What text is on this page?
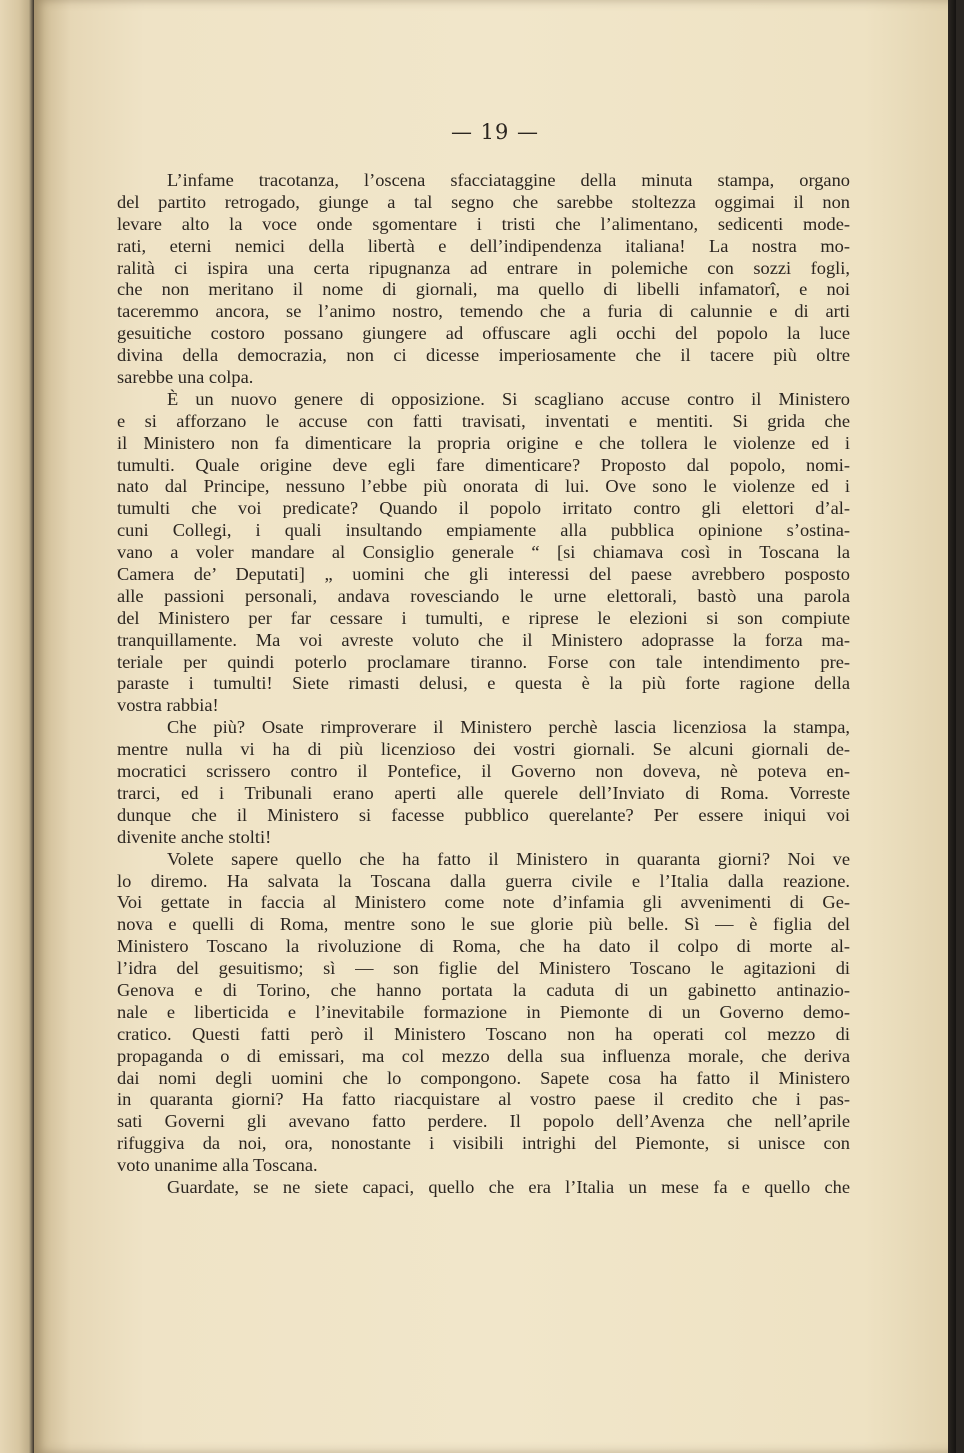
— 19 —
L’infame tracotanza, l’oscena sfacciataggine della minuta stampa, organo
del partito retrogado, giunge a tal segno che sarebbe stoltezza oggimai il non
levare alto la voce onde sgomentare i tristi che l’alimentano, sedicenti mode-
rati, eterni nemici della libertà e dell’indipendenza italiana! La nostra mo-
ralità ci ispira una certa ripugnanza ad entrare in polemiche con sozzi fogli,
che non meritano il nome di giornali, ma quello di libelli infamatorî, e noi
taceremmo ancora, se l’animo nostro, temendo che a furia di calunnie e di arti
gesuitiche costoro possano giungere ad offuscare agli occhi del popolo la luce
divina della democrazia, non ci dicesse imperiosamente che il tacere più oltre
sarebbe una colpa.
È un nuovo genere di opposizione. Si scagliano accuse contro il Ministero
e si afforzano le accuse con fatti travisati, inventati e mentiti. Si grida che
il Ministero non fa dimenticare la propria origine e che tollera le violenze ed i
tumulti. Quale origine deve egli fare dimenticare? Proposto dal popolo, nomi-
nato dal Principe, nessuno l’ebbe più onorata di lui. Ove sono le violenze ed i
tumulti che voi predicate? Quando il popolo irritato contro gli elettori d’al-
cuni Collegi, i quali insultando empiamente alla pubblica opinione s’ostina-
vano a voler mandare al Consiglio generale “ [si chiamava così in Toscana la
Camera de’ Deputati] „ uomini che gli interessi del paese avrebbero posposto
alle passioni personali, andava rovesciando le urne elettorali, bastò una parola
del Ministero per far cessare i tumulti, e riprese le elezioni si son compiute
tranquillamente. Ma voi avreste voluto che il Ministero adoprasse la forza ma-
teriale per quindi poterlo proclamare tiranno. Forse con tale intendimento pre-
paraste i tumulti! Siete rimasti delusi, e questa è la più forte ragione della
vostra rabbia!
Che più? Osate rimproverare il Ministero perchè lascia licenziosa la stampa,
mentre nulla vi ha di più licenzioso dei vostri giornali. Se alcuni giornali de-
mocratici scrissero contro il Pontefice, il Governo non doveva, nè poteva en-
trarci, ed i Tribunali erano aperti alle querele dell’Inviato di Roma. Vorreste
dunque che il Ministero si facesse pubblico querelante? Per essere iniqui voi
divenite anche stolti!
Volete sapere quello che ha fatto il Ministero in quaranta giorni? Noi ve
lo diremo. Ha salvata la Toscana dalla guerra civile e l’Italia dalla reazione.
Voi gettate in faccia al Ministero come note d’infamia gli avvenimenti di Ge-
nova e quelli di Roma, mentre sono le sue glorie più belle. Sì — è figlia del
Ministero Toscano la rivoluzione di Roma, che ha dato il colpo di morte al-
l’idra del gesuitismo; sì — son figlie del Ministero Toscano le agitazioni di
Genova e di Torino, che hanno portata la caduta di un gabinetto antinazio-
nale e liberticida e l’inevitabile formazione in Piemonte di un Governo demo-
cratico. Questi fatti però il Ministero Toscano non ha operati col mezzo di
propaganda o di emissari, ma col mezzo della sua influenza morale, che deriva
dai nomi degli uomini che lo compongono. Sapete cosa ha fatto il Ministero
in quaranta giorni? Ha fatto riacquistare al vostro paese il credito che i pas-
sati Governi gli avevano fatto perdere. Il popolo dell’Avenza che nell’aprile
rifuggiva da noi, ora, nonostante i visibili intrighi del Piemonte, si unisce con
voto unanime alla Toscana.
Guardate, se ne siete capaci, quello che era l’Italia un mese fa e quello che
